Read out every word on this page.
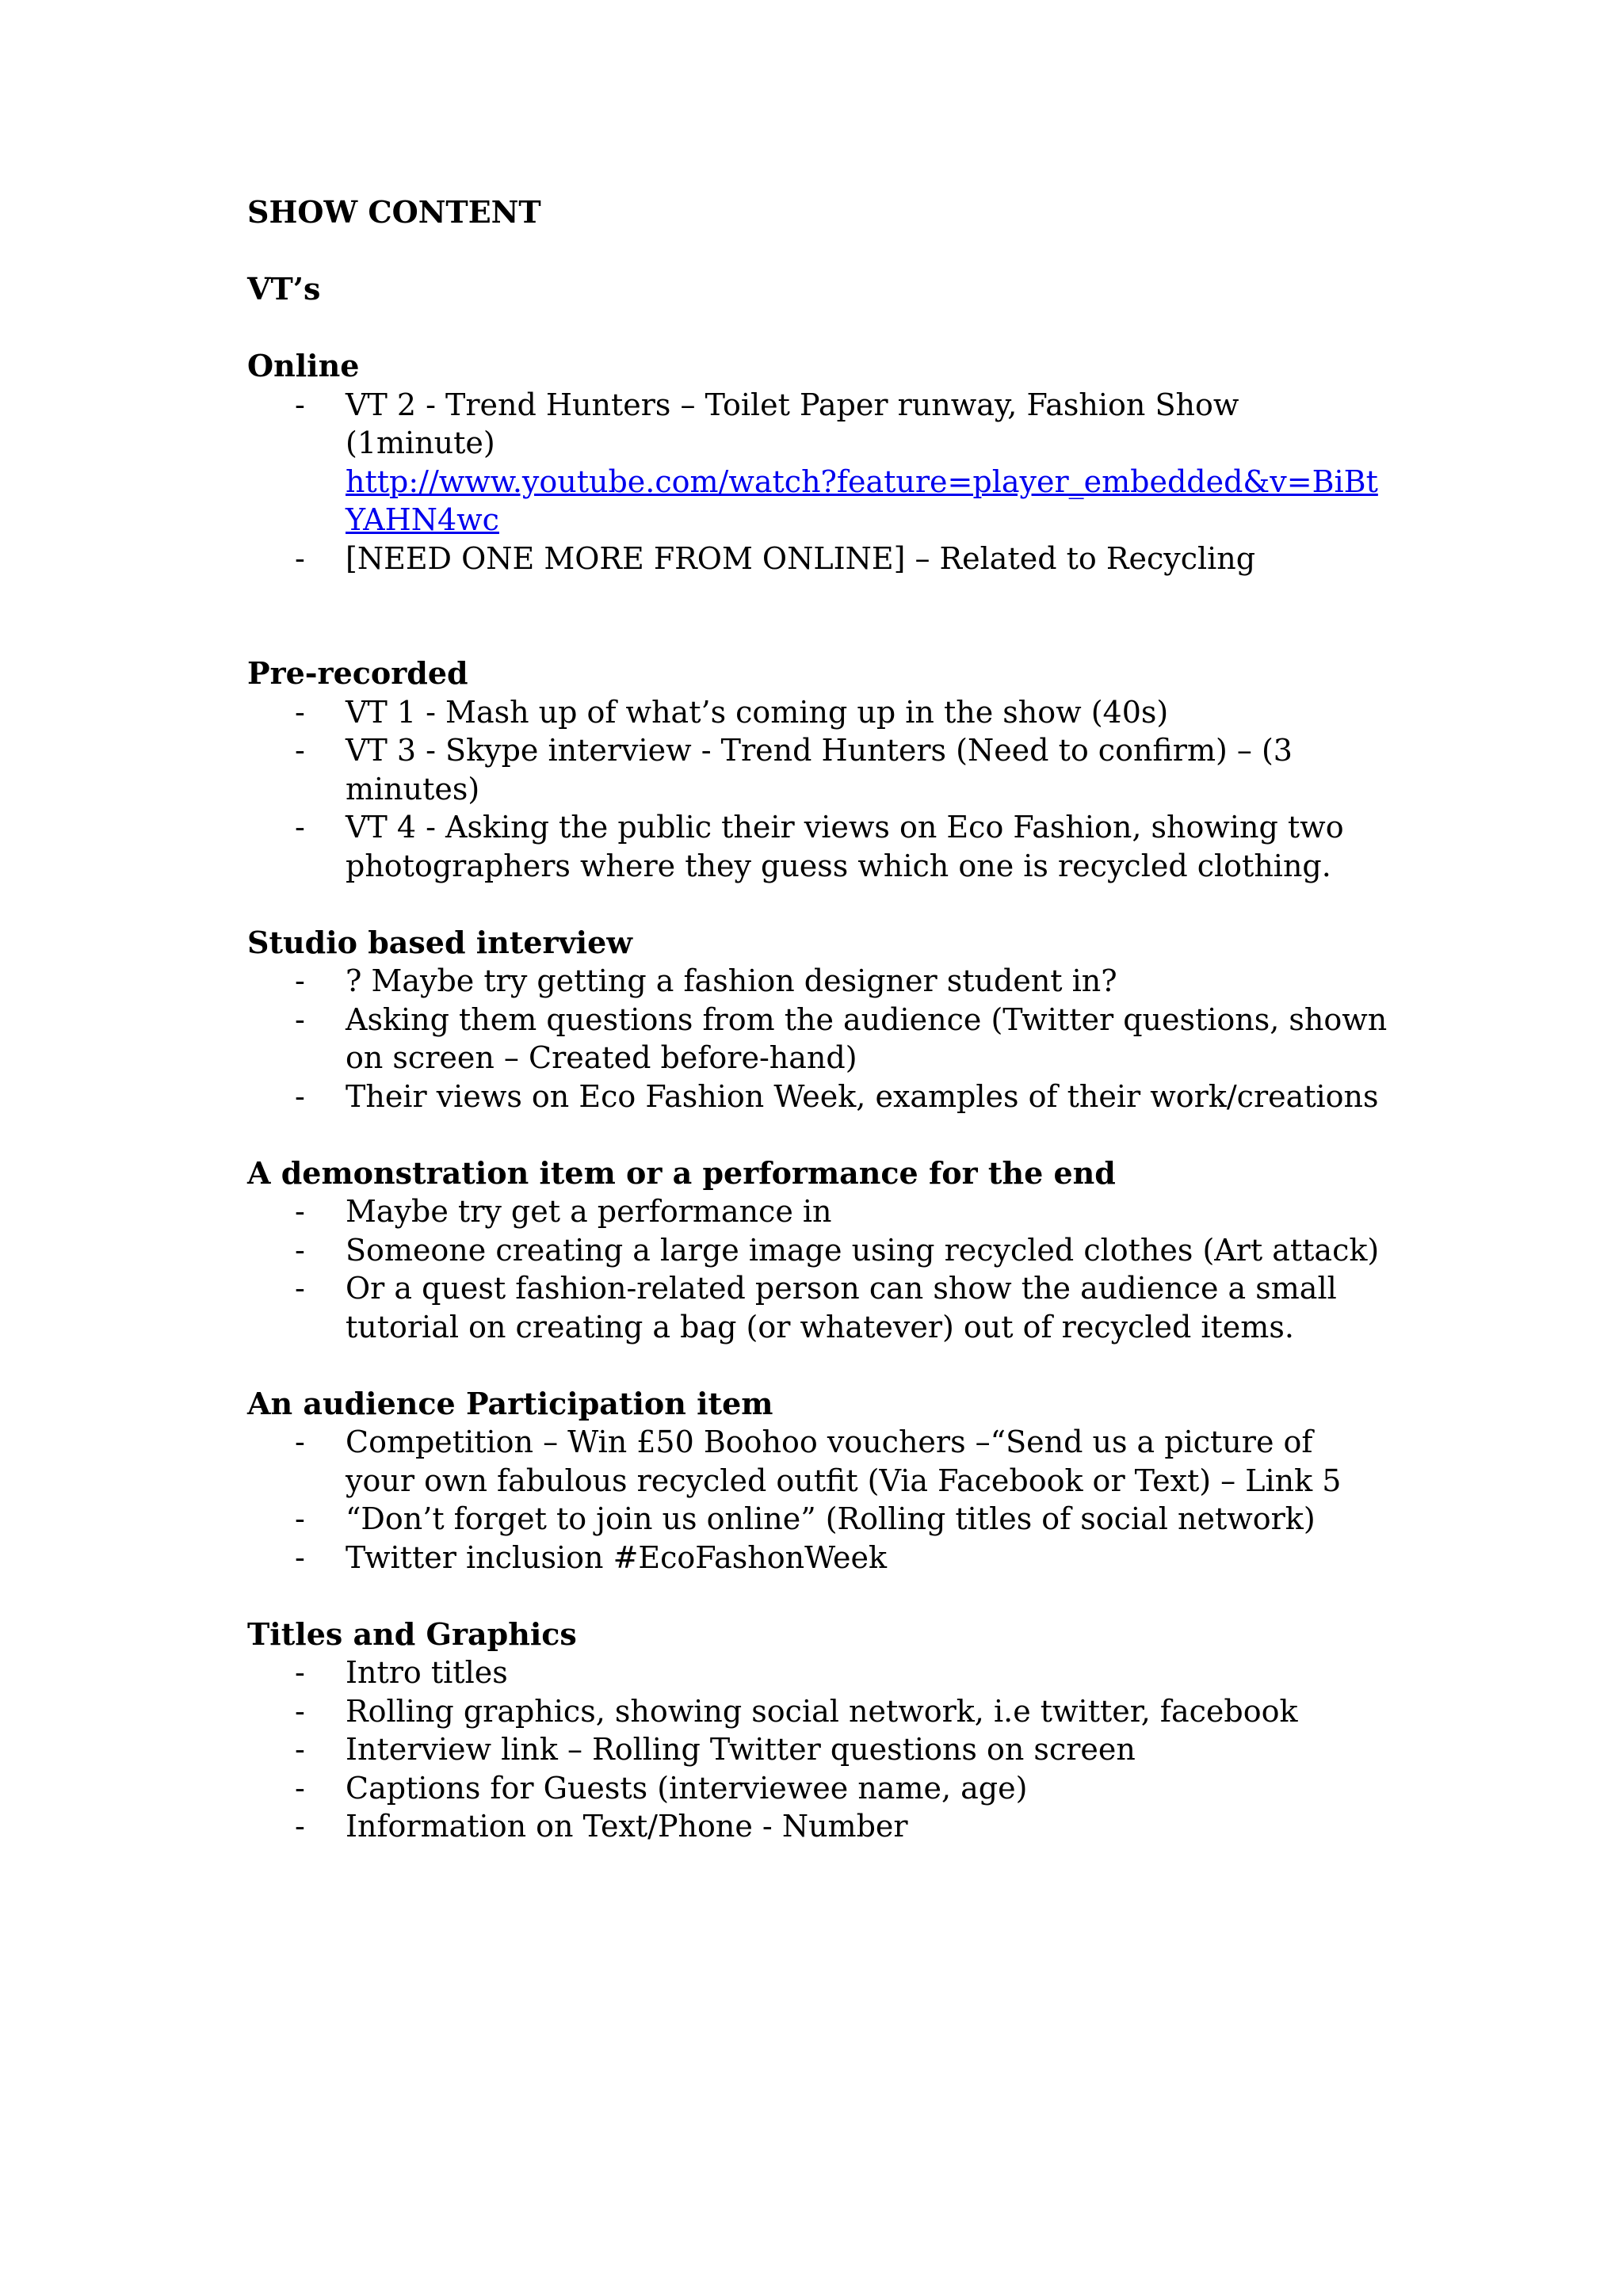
SHOW CONTENT
VT’s
Online
- VT 2 - Trend Hunters – Toilet Paper runway, Fashion Show (1minute)
http://www.youtube.com/watch?feature=player_embedded&v=BiBtYAHN4wc
- [NEED ONE MORE FROM ONLINE] – Related to Recycling
Pre-recorded
- VT 1 - Mash up of what’s coming up in the show (40s)
- VT 3 - Skype interview - Trend Hunters (Need to confirm) – (3 minutes)
- VT 4 - Asking the public their views on Eco Fashion, showing two photographers where they guess which one is recycled clothing.
Studio based interview
- ? Maybe try getting a fashion designer student in?
- Asking them questions from the audience (Twitter questions, shown on screen – Created before-hand)
- Their views on Eco Fashion Week, examples of their work/creations
A demonstration item or a performance for the end
- Maybe try get a performance in
- Someone creating a large image using recycled clothes (Art attack)
- Or a quest fashion-related person can show the audience a small tutorial on creating a bag (or whatever) out of recycled items.
An audience Participation item
- Competition – Win £50 Boohoo vouchers –“Send us a picture of your own fabulous recycled outfit (Via Facebook or Text) – Link 5
- “Don’t forget to join us online” (Rolling titles of social network)
- Twitter inclusion #EcoFashonWeek
Titles and Graphics
- Intro titles
- Rolling graphics, showing social network, i.e twitter, facebook
- Interview link – Rolling Twitter questions on screen
- Captions for Guests (interviewee name, age)
- Information on Text/Phone - Number
